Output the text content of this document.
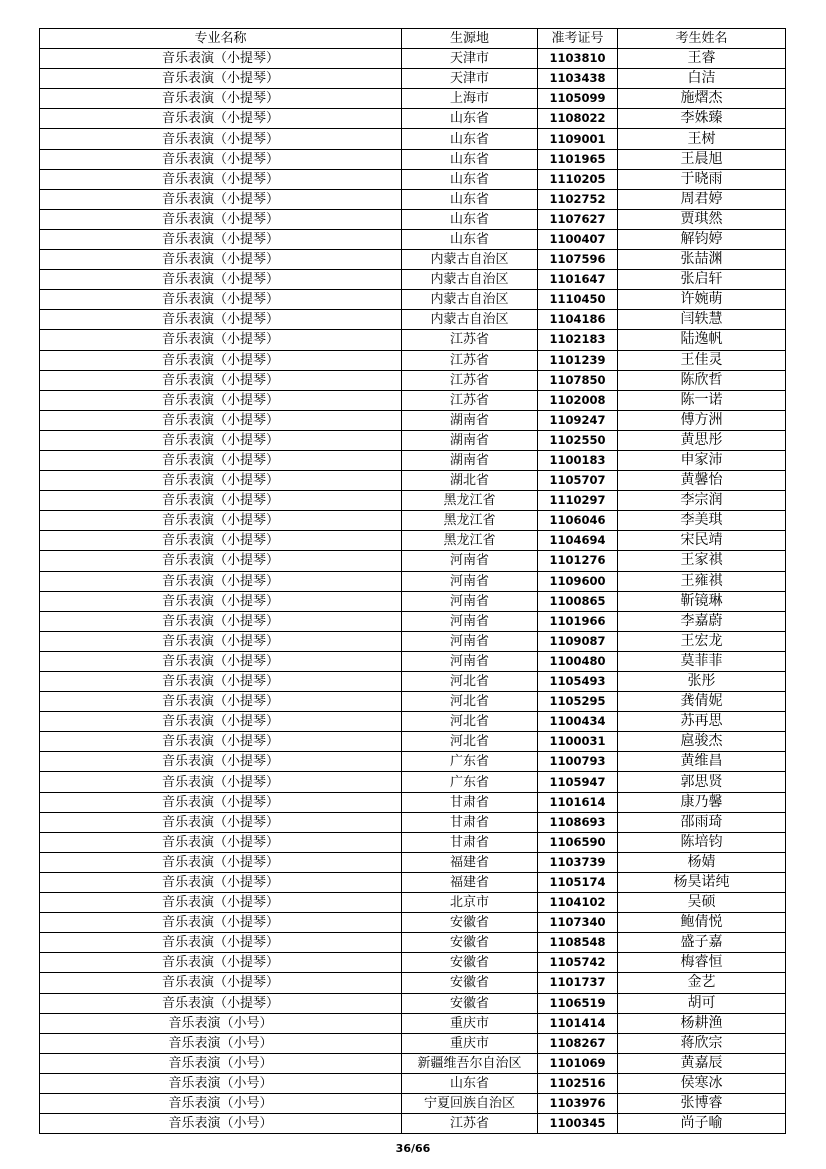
专业名称	生源地	准考证号	考生姓名
音乐表演（小提琴）	天津市	1103810	王睿
音乐表演（小提琴）	天津市	1103438	白洁
音乐表演（小提琴）	上海市	1105099	施熠杰
音乐表演（小提琴）	山东省	1108022	李姝臻
音乐表演（小提琴）	山东省	1109001	王树
音乐表演（小提琴）	山东省	1101965	王晨旭
音乐表演（小提琴）	山东省	1110205	于晓雨
音乐表演（小提琴）	山东省	1102752	周君婷
音乐表演（小提琴）	山东省	1107627	贾琪然
音乐表演（小提琴）	山东省	1100407	解钧婷
音乐表演（小提琴）	内蒙古自治区	1107596	张喆渊
音乐表演（小提琴）	内蒙古自治区	1101647	张启轩
音乐表演（小提琴）	内蒙古自治区	1110450	许婉萌
音乐表演（小提琴）	内蒙古自治区	1104186	闫轶慧
音乐表演（小提琴）	江苏省	1102183	陆逸帆
音乐表演（小提琴）	江苏省	1101239	王佳灵
音乐表演（小提琴）	江苏省	1107850	陈欣哲
音乐表演（小提琴）	江苏省	1102008	陈一诺
音乐表演（小提琴）	湖南省	1109247	傅方洲
音乐表演（小提琴）	湖南省	1102550	黄思彤
音乐表演（小提琴）	湖南省	1100183	申家沛
音乐表演（小提琴）	湖北省	1105707	黄馨怡
音乐表演（小提琴）	黑龙江省	1110297	李宗润
音乐表演（小提琴）	黑龙江省	1106046	李美琪
音乐表演（小提琴）	黑龙江省	1104694	宋民靖
音乐表演（小提琴）	河南省	1101276	王家祺
音乐表演（小提琴）	河南省	1109600	王雍祺
音乐表演（小提琴）	河南省	1100865	靳镜琳
音乐表演（小提琴）	河南省	1101966	李嘉蔚
音乐表演（小提琴）	河南省	1109087	王宏龙
音乐表演（小提琴）	河南省	1100480	莫菲菲
音乐表演（小提琴）	河北省	1105493	张彤
音乐表演（小提琴）	河北省	1105295	龚倩妮
音乐表演（小提琴）	河北省	1100434	苏再思
音乐表演（小提琴）	河北省	1100031	扈骏杰
音乐表演（小提琴）	广东省	1100793	黄维昌
音乐表演（小提琴）	广东省	1105947	郭思贤
音乐表演（小提琴）	甘肃省	1101614	康乃馨
音乐表演（小提琴）	甘肃省	1108693	邵雨琦
音乐表演（小提琴）	甘肃省	1106590	陈培钧
音乐表演（小提琴）	福建省	1103739	杨婧
音乐表演（小提琴）	福建省	1105174	杨昊诺纯
音乐表演（小提琴）	北京市	1104102	吴硕
音乐表演（小提琴）	安徽省	1107340	鲍倩悦
音乐表演（小提琴）	安徽省	1108548	盛子嘉
音乐表演（小提琴）	安徽省	1105742	梅睿恒
音乐表演（小提琴）	安徽省	1101737	金艺
音乐表演（小提琴）	安徽省	1106519	胡可
音乐表演（小号）	重庆市	1101414	杨耕渔
音乐表演（小号）	重庆市	1108267	蒋欣宗
音乐表演（小号）	新疆维吾尔自治区	1101069	黄嘉辰
音乐表演（小号）	山东省	1102516	侯寒冰
音乐表演（小号）	宁夏回族自治区	1103976	张博睿
音乐表演（小号）	江苏省	1100345	尚子喻
36/66
